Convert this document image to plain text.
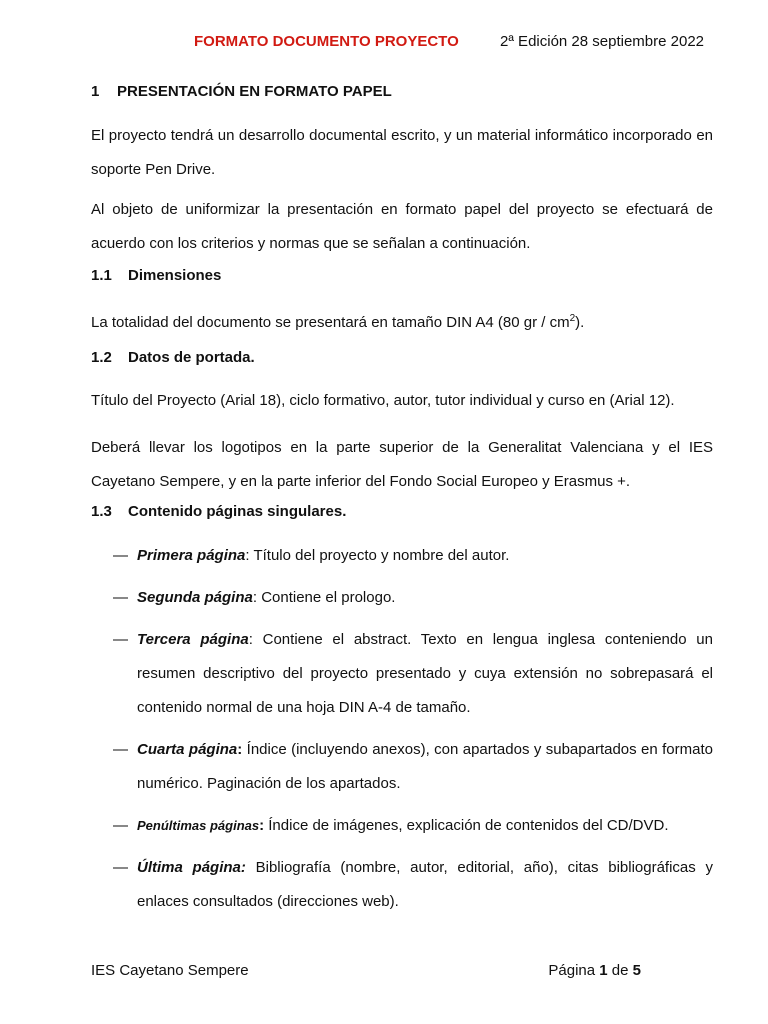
FORMATO DOCUMENTO PROYECTO	2ª Edición 28 septiembre 2022
1 PRESENTACIÓN EN FORMATO PAPEL

El proyecto tendrá un desarrollo documental escrito, y un material informático incorporado en soporte Pen Drive.

Al objeto de uniformizar la presentación en formato papel del proyecto se efectuará de acuerdo con los criterios y normas que se señalan a continuación.

1.1 Dimensiones

La totalidad del documento se presentará en tamaño DIN A4 (80 gr / $cm^2$).

1.2 Datos de portada.

Título del Proyecto (Arial 18), ciclo formativo, autor, tutor individual y curso en (Arial 12).

Deberá llevar los logotipos en la parte superior de la Generalitat Valenciana y el IES Cayetano Sempere, y en la parte inferior del Fondo Social Europeo y Erasmus +.

1.3 Contenido páginas singulares.
— Primera página: Título del proyecto y nombre del autor.
— Segunda página: Contiene el prologo.
— Tercera página: Contiene el abstract. Texto en lengua inglesa conteniendo un resumen descriptivo del proyecto presentado y cuya extensión no sobrepasará el contenido normal de una hoja DIN A-4 de tamaño.
— Cuarta página: Índice (incluyendo anexos), con apartados y subapartados en formato numérico. Paginación de los apartados.
— Penúltimas páginas: Índice de imágenes, explicación de contenidos del CD/DVD.
— Última página: Bibliografía (nombre, autor, editorial, año), citas bibliográficas y enlaces consultados (direcciones web).
IES Cayetano Sempere	Página 1 de 5
